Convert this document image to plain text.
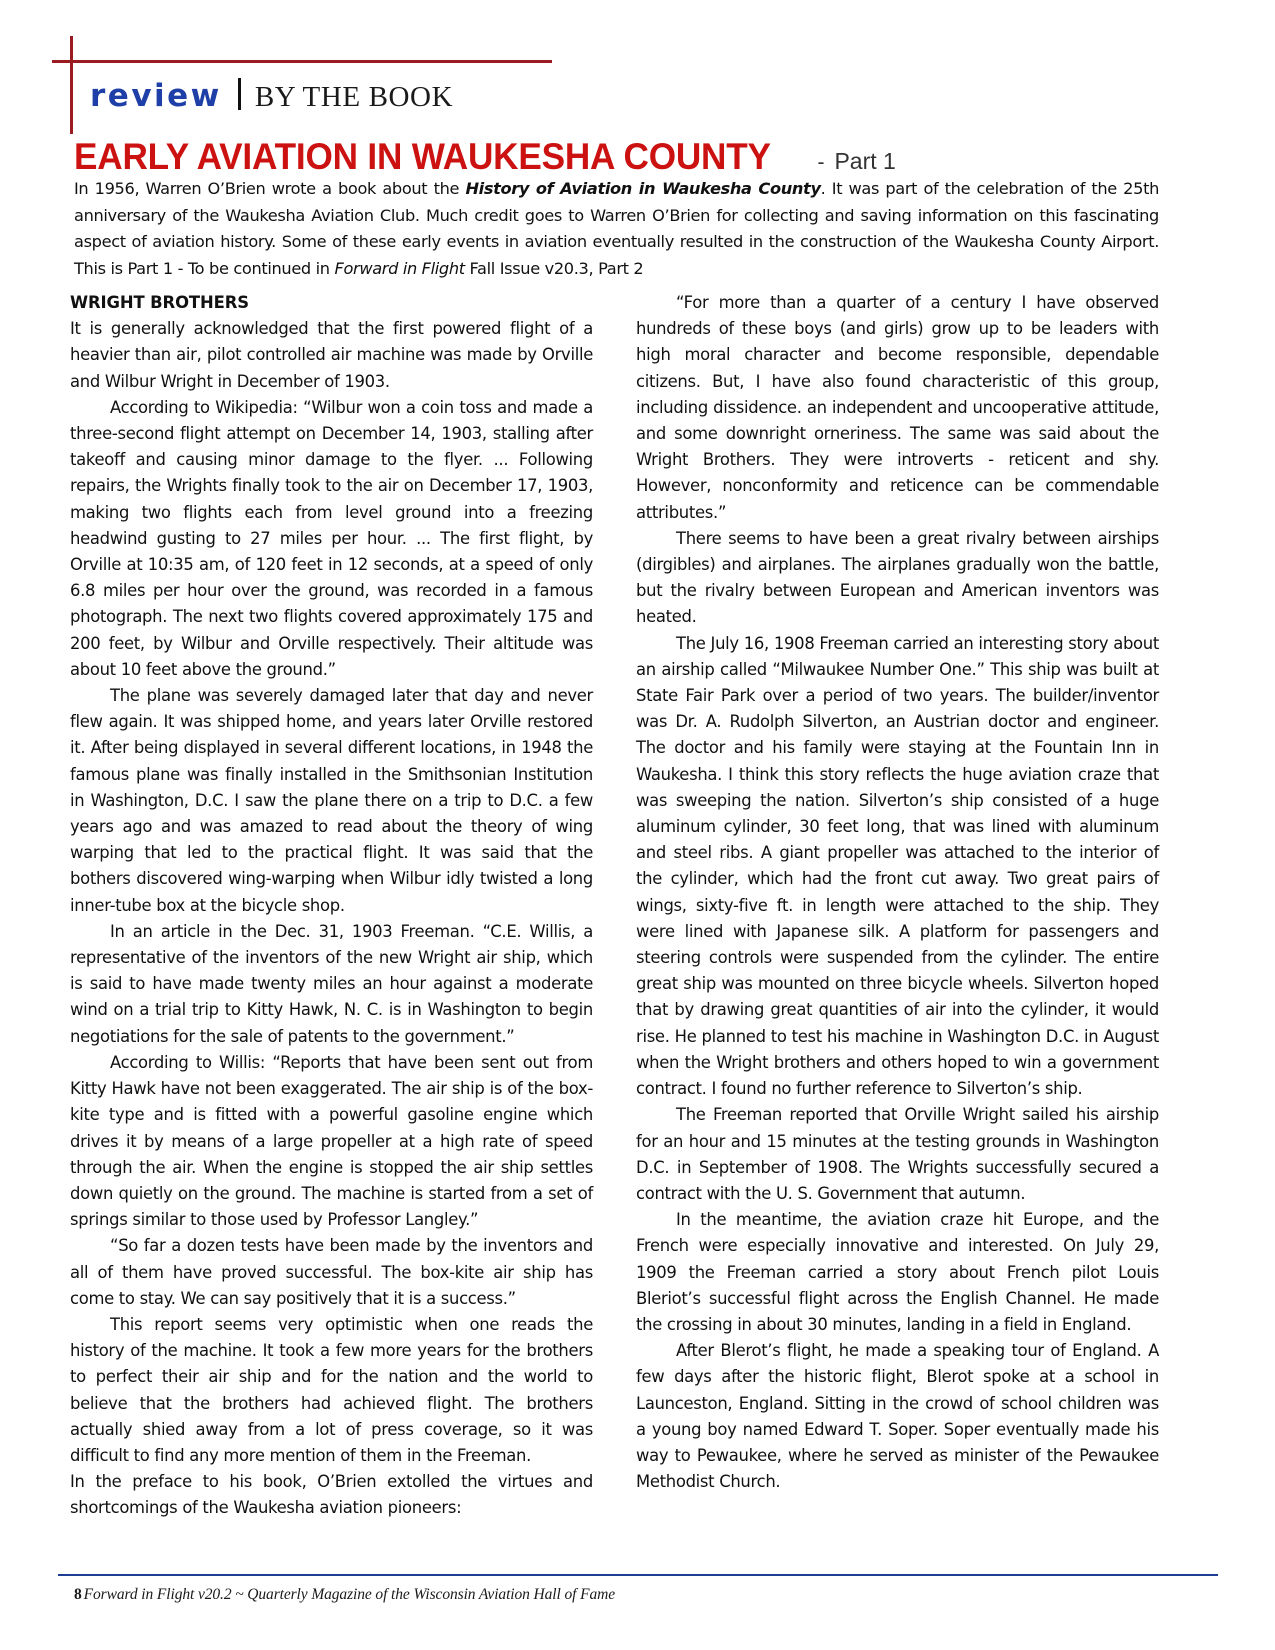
review BY THE BOOK
EARLY AVIATION IN WAUKESHA COUNTY - Part 1
In 1956, Warren O’Brien wrote a book about the History of Aviation in Waukesha County. It was part of the celebration of the 25th anniversary of the Waukesha Aviation Club. Much credit goes to Warren O’Brien for collecting and saving information on this fascinating aspect of aviation history. Some of these early events in aviation eventually resulted in the construction of the Waukesha County Airport. This is Part 1 - To be continued in Forward in Flight Fall Issue v20.3, Part 2
WRIGHT BROTHERS

It is generally acknowledged that the first powered flight of a heavier than air, pilot controlled air machine was made by Orville and Wilbur Wright in December of 1903.

According to Wikipedia: “Wilbur won a coin toss and made a three-second flight attempt on December 14, 1903, stalling after takeoff and causing minor damage to the flyer. ... Following repairs, the Wrights finally took to the air on December 17, 1903, making two flights each from level ground into a freezing headwind gusting to 27 miles per hour. ... The first flight, by Orville at 10:35 am, of 120 feet in 12 seconds, at a speed of only 6.8 miles per hour over the ground, was recorded in a famous photograph. The next two flights covered approximately 175 and 200 feet, by Wilbur and Orville respectively. Their altitude was about 10 feet above the ground.”

The plane was severely damaged later that day and never flew again. It was shipped home, and years later Orville restored it. After being displayed in several different locations, in 1948 the famous plane was finally installed in the Smithsonian Institution in Washington, D.C. I saw the plane there on a trip to D.C. a few years ago and was amazed to read about the theory of wing warping that led to the practical flight. It was said that the bothers discovered wing-warping when Wilbur idly twisted a long inner-tube box at the bicycle shop.

In an article in the Dec. 31, 1903 Freeman. “C.E. Willis, a representative of the inventors of the new Wright air ship, which is said to have made twenty miles an hour against a moderate wind on a trial trip to Kitty Hawk, N. C. is in Washington to begin negotiations for the sale of patents to the government.”

According to Willis: “Reports that have been sent out from Kitty Hawk have not been exaggerated. The air ship is of the box-kite type and is fitted with a powerful gasoline engine which drives it by means of a large propeller at a high rate of speed through the air. When the engine is stopped the air ship settles down quietly on the ground. The machine is started from a set of springs similar to those used by Professor Langley.”

“So far a dozen tests have been made by the inventors and all of them have proved successful. The box-kite air ship has come to stay. We can say positively that it is a success.”

This report seems very optimistic when one reads the history of the machine. It took a few more years for the brothers to perfect their air ship and for the nation and the world to believe that the brothers had achieved flight. The brothers actually shied away from a lot of press coverage, so it was difficult to find any more mention of them in the Freeman.

In the preface to his book, O’Brien extolled the virtues and shortcomings of the Waukesha aviation pioneers:

“For more than a quarter of a century I have observed hundreds of these boys (and girls) grow up to be leaders with high moral character and become responsible, dependable citizens. But, I have also found characteristic of this group, including dissidence. an independent and uncooperative attitude, and some downright orneriness. The same was said about the Wright Brothers. They were introverts - reticent and shy. However, nonconformity and reticence can be commendable attributes.”

There seems to have been a great rivalry between airships (dirgibles) and airplanes. The airplanes gradually won the battle, but the rivalry between European and American inventors was heated.

The July 16, 1908 Freeman carried an interesting story about an airship called “Milwaukee Number One.” This ship was built at State Fair Park over a period of two years. The builder/inventor was Dr. A. Rudolph Silverton, an Austrian doctor and engineer. The doctor and his family were staying at the Fountain Inn in Waukesha. I think this story reflects the huge aviation craze that was sweeping the nation. Silverton’s ship consisted of a huge aluminum cylinder, 30 feet long, that was lined with aluminum and steel ribs. A giant propeller was attached to the interior of the cylinder, which had the front cut away. Two great pairs of wings, sixty-five ft. in length were attached to the ship. They were lined with Japanese silk. A platform for passengers and steering controls were suspended from the cylinder. The entire great ship was mounted on three bicycle wheels. Silverton hoped that by drawing great quantities of air into the cylinder, it would rise. He planned to test his machine in Washington D.C. in August when the Wright brothers and others hoped to win a government contract. I found no further reference to Silverton’s ship.

The Freeman reported that Orville Wright sailed his airship for an hour and 15 minutes at the testing grounds in Washington D.C. in September of 1908. The Wrights successfully secured a contract with the U. S. Government that autumn.

In the meantime, the aviation craze hit Europe, and the French were especially innovative and interested. On July 29, 1909 the Freeman carried a story about French pilot Louis Bleriot’s successful flight across the English Channel. He made the crossing in about 30 minutes, landing in a field in England.

After Blerot’s flight, he made a speaking tour of England. A few days after the historic flight, Blerot spoke at a school in Launceston, England. Sitting in the crowd of school children was a young boy named Edward T. Soper. Soper eventually made his way to Pewaukee, where he served as minister of the Pewaukee Methodist Church.

8 Forward in Flight v20.2 ~ Quarterly Magazine of the Wisconsin Aviation Hall of Fame
